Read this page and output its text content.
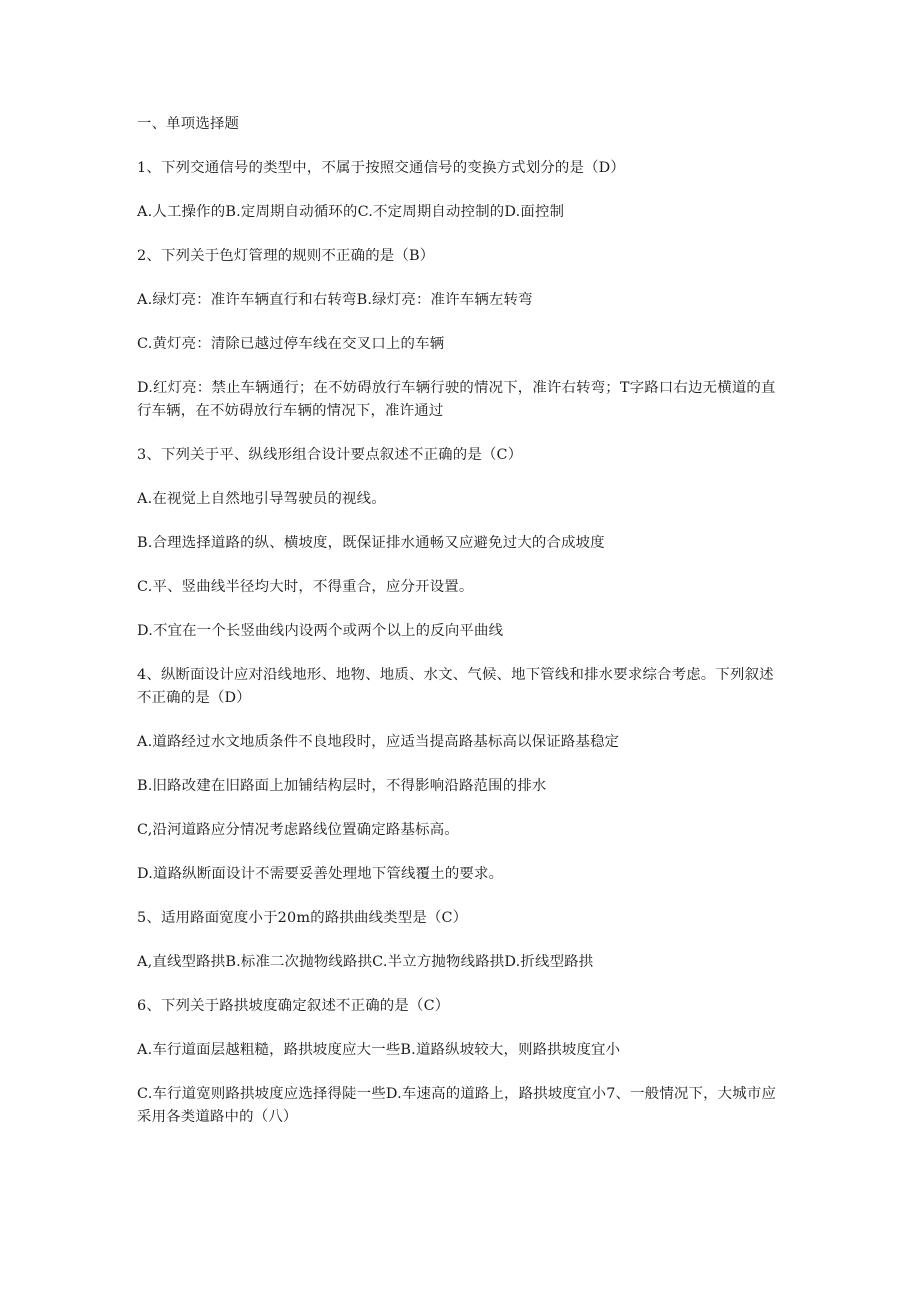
一、单项选择题

1、下列交通信号的类型中，不属于按照交通信号的变换方式划分的是（D）

A.人工操作的B.定周期自动循环的C.不定周期自动控制的D.面控制

2、下列关于色灯管理的规则不正确的是（B）

A.绿灯亮：准许车辆直行和右转弯B.绿灯亮：准许车辆左转弯

C.黄灯亮：清除已越过停车线在交叉口上的车辆

D.红灯亮：禁止车辆通行；在不妨碍放行车辆行驶的情况下，准许右转弯；T字路口右边无横道的直行车辆，在不妨碍放行车辆的情况下，准许通过

3、下列关于平、纵线形组合设计要点叙述不正确的是（C）

A.在视觉上自然地引导驾驶员的视线。

B.合理选择道路的纵、横坡度，既保证排水通畅又应避免过大的合成坡度

C.平、竖曲线半径均大时，不得重合，应分开设置。

D.不宜在一个长竖曲线内设两个或两个以上的反向平曲线

4、纵断面设计应对沿线地形、地物、地质、水文、气候、地下管线和排水要求综合考虑。下列叙述不正确的是（D）

A.道路经过水文地质条件不良地段时，应适当提高路基标高以保证路基稳定

B.旧路改建在旧路面上加铺结构层时，不得影响沿路范围的排水

C,沿河道路应分情况考虑路线位置确定路基标高。

D.道路纵断面设计不需要妥善处理地下管线覆土的要求。

5、适用路面宽度小于20m的路拱曲线类型是（C）

A,直线型路拱B.标准二次抛物线路拱C.半立方抛物线路拱D.折线型路拱

6、下列关于路拱坡度确定叙述不正确的是（C）

A.车行道面层越粗糙，路拱坡度应大一些B.道路纵坡较大，则路拱坡度宜小

C.车行道宽则路拱坡度应选择得陡一些D.车速高的道路上，路拱坡度宜小7、一般情况下，大城市应采用各类道路中的（八）
